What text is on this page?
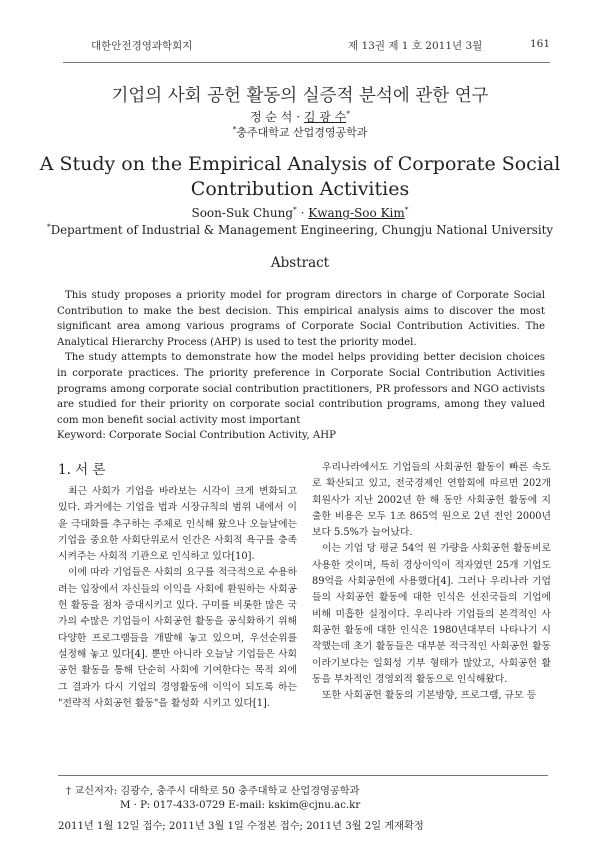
대한안전경영과학회지	제 13권 제 1 호 2011년 3월	161
기업의 사회 공헌 활동의 실증적 분석에 관한 연구
정 순 석 · 김 광 수*
*충주대학교 산업경영공학과
A Study on the Empirical Analysis of Corporate Social
Contribution Activities
Soon-Suk Chung* · Kwang-Soo Kim*
*Department of Industrial & Management Engineering, Chungju National University
Abstract

This study proposes a priority model for program directors in charge of Corporate Social Contribution to make the best decision. This empirical analysis aims to discover the most significant area among various programs of Corporate Social Contribution Activities. The Analytical Hierarchy Process (AHP) is used to test the priority model.

The study attempts to demonstrate how the model helps providing better decision choices in corporate practices. The priority preference in Corporate Social Contribution Activities programs among corporate social contribution practitioners, PR professors and NGO activists are studied for their priority on corporate social contribution programs, among they valued com mon benefit social activity most important

Keyword: Corporate Social Contribution Activity, AHP

1. 서 론

최근 사회가 기업을 바라보는 시각이 크게 변화되고 있다. 과거에는 기업을 법과 시장규칙의 범위 내에서 이윤 극대화를 추구하는 주체로 인식해 왔으나 오늘날에는 기업을 중요한 사회단위로서 인간은 사회적 욕구를 충족시켜주는 사회적 기관으로 인식하고 있다[10].

이에 따라 기업들은 사회의 요구를 적극적으로 수용하려는 입장에서 자신들의 이익을 사회에 환원하는 사회공헌 활동을 점차 증대시키고 있다. 구미를 비롯한 많은 국가의 수많은 기업들이 사회공헌 활동을 공식화하기 위해 다양한 프로그램들을 개발해 놓고 있으며, 우선순위를 설정해 놓고 있다[4]. 뿐만 아니라 오늘날 기업들은 사회공헌 활동을 통해 단순히 사회에 기여한다는 목적 외에 그 결과가 다시 기업의 경영활동에 이익이 되도록 하는 "전략적 사회공헌 활동"을 활성화 시키고 있다[1].

우리나라에서도 기업들의 사회공헌 활동이 빠른 속도로 확산되고 있고, 전국경제인 연합회에 따르면 202개 회원사가 지난 2002년 한 해 동안 사회공헌 활동에 지출한 비용은 모두 1조 865억 원으로 2년 전인 2000년 보다 5.5%가 늘어났다.

이는 기업 당 평균 54억 원 가량을 사회공헌 활동비로 사용한 것이며, 특히 경상이익이 적자였던 25개 기업도 89억을 사회공헌에 사용했다[4]. 그러나 우리나라 기업들의 사회공헌 활동에 대한 인식은 선진국들의 기업에 비해 미흡한 실정이다. 우리나라 기업들의 본격적인 사회공헌 활동에 대한 인식은 1980년대부터 나타나기 시작했는데 초기 활동들은 대부분 적극적인 사회공헌 활동이라기보다는 일회성 기부 형태가 많았고, 사회공헌 활동을 부차적인 경영외적 활동으로 인식해왔다.

또한 사회공헌 활동의 기본방향, 프로그램, 규모 등

† 교신저자: 김광수, 충주시 대학로 50 충주대학교 산업경영공학과
M · P: 017-433-0729 E-mail: kskim@cjnu.ac.kr
2011년 1월 12일 접수; 2011년 3월 1일 수정본 접수; 2011년 3월 2일 게재확정
